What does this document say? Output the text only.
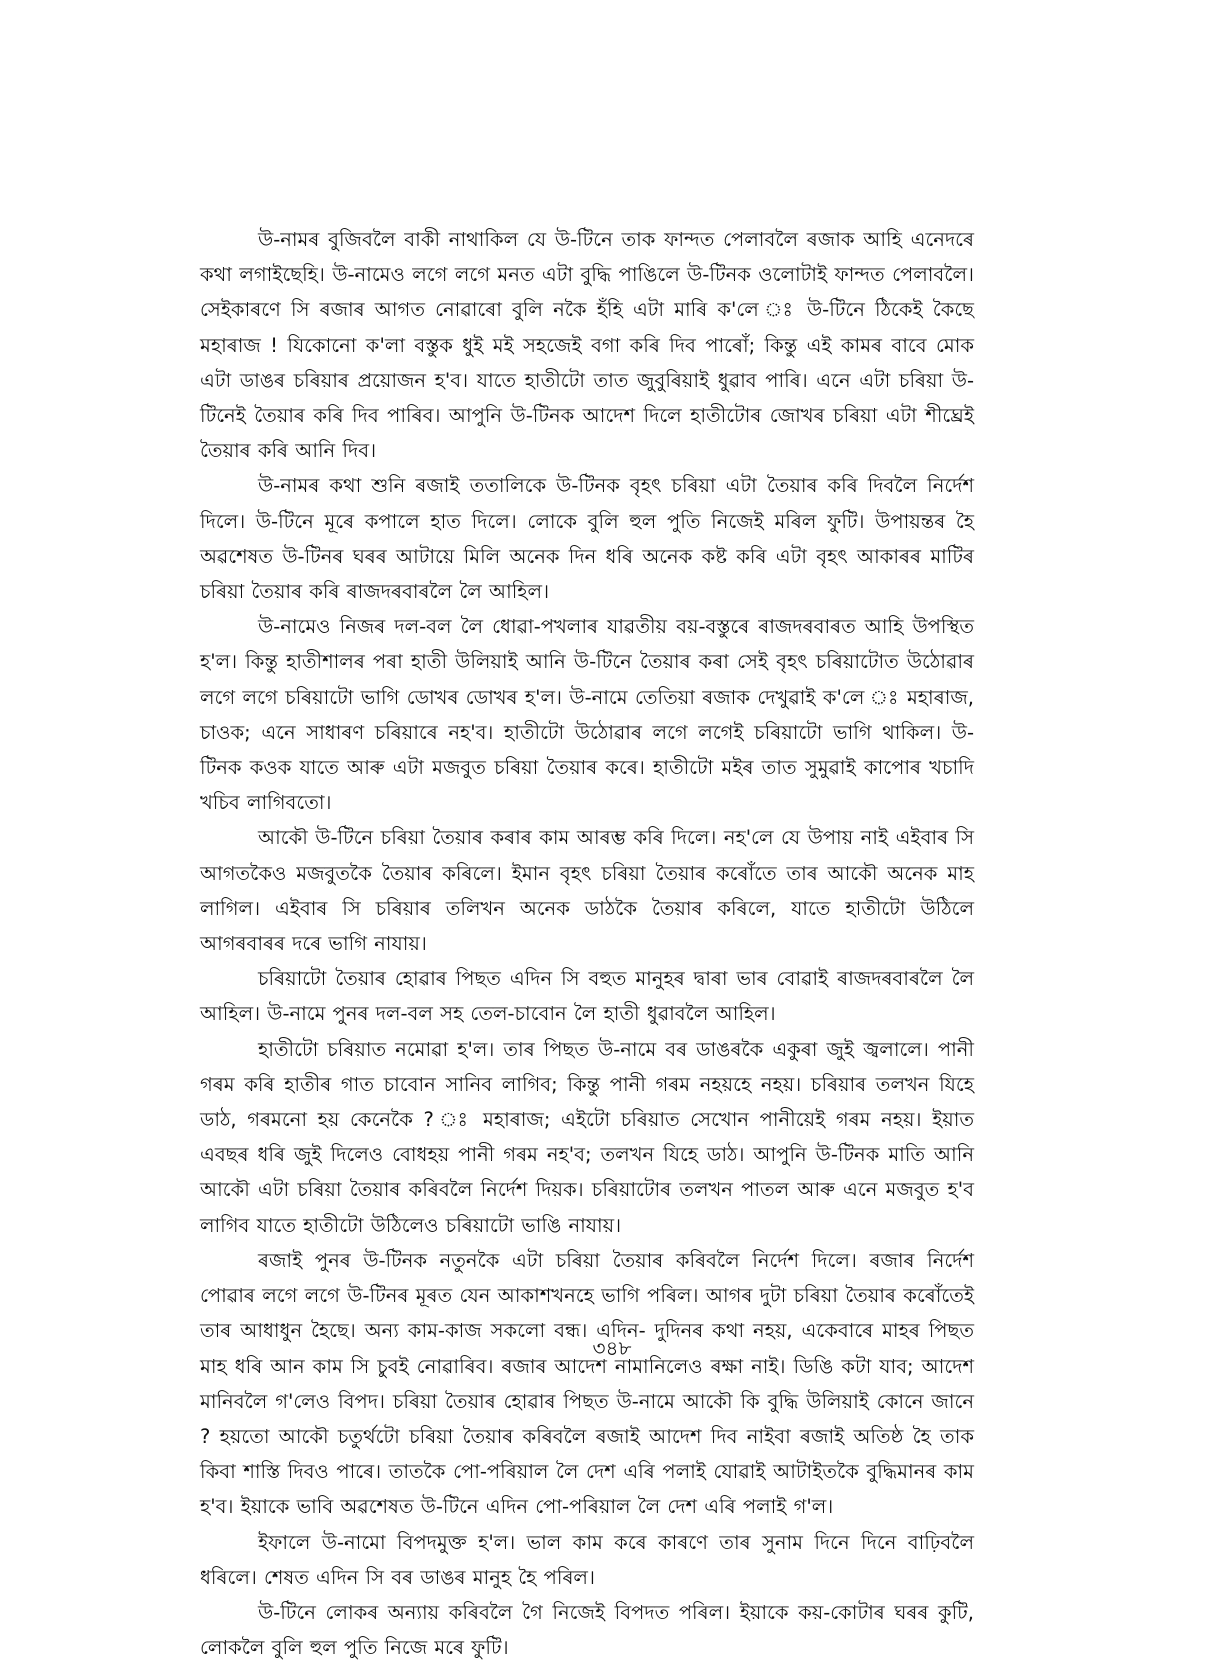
উ-নামৰ বুজিবলৈ বাকী নাথাকিল যে উ-টিনে তাক ফান্দত পেলাবলৈ ৰজাক আহি এনেদৰে কথা লগাইছেহি। উ-নামেও লগে লগে মনত এটা বুদ্ধি পাঙিলে উ-টিনক ওলোটাই ফান্দত পেলাবলৈ। সেইকাৰণে সি ৰজাৰ আগত নোৱাৰো বুলি নকৈ হঁহি এটা মাৰি ক'লে ঃ উ-টিনে ঠিকেই কৈছে মহাৰাজ ! যিকোনো ক'লা বস্তুক ধুই মই সহজেই বগা কৰি দিব পাৰোঁ; কিন্তু এই কামৰ বাবে মোক এটা ডাঙৰ চৰিয়াৰ প্ৰয়োজন হ'ব। যাতে হাতীটো তাত জুবুৰিয়াই ধুৱাব পাৰি। এনে এটা চৰিয়া উ-টিনেই তৈয়াৰ কৰি দিব পাৰিব। আপুনি উ-টিনক আদেশ দিলে হাতীটোৰ জোখৰ চৰিয়া এটা শীঘ্ৰেই তৈয়াৰ কৰি আনি দিব।

উ-নামৰ কথা শুনি ৰজাই ততালিকে উ-টিনক বৃহৎ চৰিয়া এটা তৈয়াৰ কৰি দিবলৈ নিৰ্দেশ দিলে। উ-টিনে মূৰে কপালে হাত দিলে। লোকে বুলি হুল পুতি নিজেই মৰিল ফুটি। উপায়ন্তৰ হৈ অৱশেষত উ-টিনৰ ঘৰৰ আটায়ে মিলি অনেক দিন ধৰি অনেক কষ্ট কৰি এটা বৃহৎ আকাৰৰ মাটিৰ চৰিয়া তৈয়াৰ কৰি ৰাজদৰবাৰলৈ লৈ আহিল।

উ-নামেও নিজৰ দল-বল লৈ ধোৱা-পখলাৰ যাৱতীয় বয়-বস্তুৰে ৰাজদৰবাৰত আহি উপস্থিত হ'ল। কিন্তু হাতীশালৰ পৰা হাতী উলিয়াই আনি উ-টিনে তৈয়াৰ কৰা সেই বৃহৎ চৰিয়াটোত উঠোৱাৰ লগে লগে চৰিয়াটো ভাগি ডোখৰ ডোখৰ হ'ল। উ-নামে তেতিয়া ৰজাক দেখুৱাই ক'লে ঃ মহাৰাজ, চাওক; এনে সাধাৰণ চৰিয়াৰে নহ'ব। হাতীটো উঠোৱাৰ লগে লগেই চৰিয়াটো ভাগি থাকিল। উ-টিনক কওক যাতে আৰু এটা মজবুত চৰিয়া তৈয়াৰ কৰে। হাতীটো মইৰ তাত সুমুৱাই কাপোৰ খচাদি খচিব লাগিবতো।

আকৌ উ-টিনে চৰিয়া তৈয়াৰ কৰাৰ কাম আৰম্ভ কৰি দিলে। নহ'লে যে উপায় নাই এইবাৰ সি আগতকৈও মজবুতকৈ তৈয়াৰ কৰিলে। ইমান বৃহৎ চৰিয়া তৈয়াৰ কৰোঁতে তাৰ আকৌ অনেক মাহ লাগিল। এইবাৰ সি চৰিয়াৰ তলিখন অনেক ডাঠকৈ তৈয়াৰ কৰিলে, যাতে হাতীটো উঠিলে আগৰবাৰৰ দৰে ভাগি নাযায়।

চৰিয়াটো তৈয়াৰ হোৱাৰ পিছত এদিন সি বহুত মানুহৰ দ্বাৰা ভাৰ বোৱাই ৰাজদৰবাৰলৈ লৈ আহিল। উ-নামে পুনৰ দল-বল সহ তেল-চাবোন লৈ হাতী ধুৱাবলৈ আহিল।

হাতীটো চৰিয়াত নমোৱা হ'ল। তাৰ পিছত উ-নামে বৰ ডাঙৰকৈ একুৰা জুই জ্বলালে। পানী গৰম কৰি হাতীৰ গাত চাবোন সানিব লাগিব; কিন্তু পানী গৰম নহয়হে নহয়। চৰিয়াৰ তলখন যিহে ডাঠ, গৰমনো হয় কেনেকৈ ? ঃ মহাৰাজ; এইটো চৰিয়াত সেখোন পানীয়েই গৰম নহয়। ইয়াত এবছৰ ধৰি জুই দিলেও বোধহয় পানী গৰম নহ'ব; তলখন যিহে ডাঠ। আপুনি উ-টিনক মাতি আনি আকৌ এটা চৰিয়া তৈয়াৰ কৰিবলৈ নিৰ্দেশ দিয়ক। চৰিয়াটোৰ তলখন পাতল আৰু এনে মজবুত হ'ব লাগিব যাতে হাতীটো উঠিলেও চৰিয়াটো ভাঙি নাযায়।

ৰজাই পুনৰ উ-টিনক নতুনকৈ এটা চৰিয়া তৈয়াৰ কৰিবলৈ নিৰ্দেশ দিলে। ৰজাৰ নিৰ্দেশ পোৱাৰ লগে লগে উ-টিনৰ মূৰত যেন আকাশখনহে ভাগি পৰিল। আগৰ দুটা চৰিয়া তৈয়াৰ কৰোঁতেই তাৰ আধাধুন হৈছে। অন্য কাম-কাজ সকলো বন্ধ। এদিন- দুদিনৰ কথা নহয়, একেবাৰে মাহৰ পিছত মাহ ধৰি আন কাম সি চুবই নোৱাৰিব। ৰজাৰ আদেশ নামানিলেও ৰক্ষা নাই। ডিঙি কটা যাব; আদেশ মানিবলৈ গ'লেও বিপদ। চৰিয়া তৈয়াৰ হোৱাৰ পিছত উ-নামে আকৌ কি বুদ্ধি উলিয়াই কোনে জানে ? হয়তো আকৌ চতুৰ্থটো চৰিয়া তৈয়াৰ কৰিবলৈ ৰজাই আদেশ দিব নাইবা ৰজাই অতিষ্ঠ হৈ তাক কিবা শাস্তি দিবও পাৰে। তাতকৈ পো-পৰিয়াল লৈ দেশ এৰি পলাই যোৱাই আটাইতকৈ বুদ্ধিমানৰ কাম হ'ব। ইয়াকে ভাবি অৱশেষত উ-টিনে এদিন পো-পৰিয়াল লৈ দেশ এৰি পলাই গ'ল।

ইফালে উ-নামো বিপদমুক্ত হ'ল। ভাল কাম কৰে কাৰণে তাৰ সুনাম দিনে দিনে বাঢ়িবলৈ ধৰিলে। শেষত এদিন সি বৰ ডাঙৰ মানুহ হৈ পৰিল।

উ-টিনে লোকৰ অন্যায় কৰিবলৈ গৈ নিজেই বিপদত পৰিল। ইয়াকে কয়-কোটাৰ ঘৰৰ কুটি, লোকলৈ বুলি হুল পুতি নিজে মৰে ফুটি।

৩৪৮
